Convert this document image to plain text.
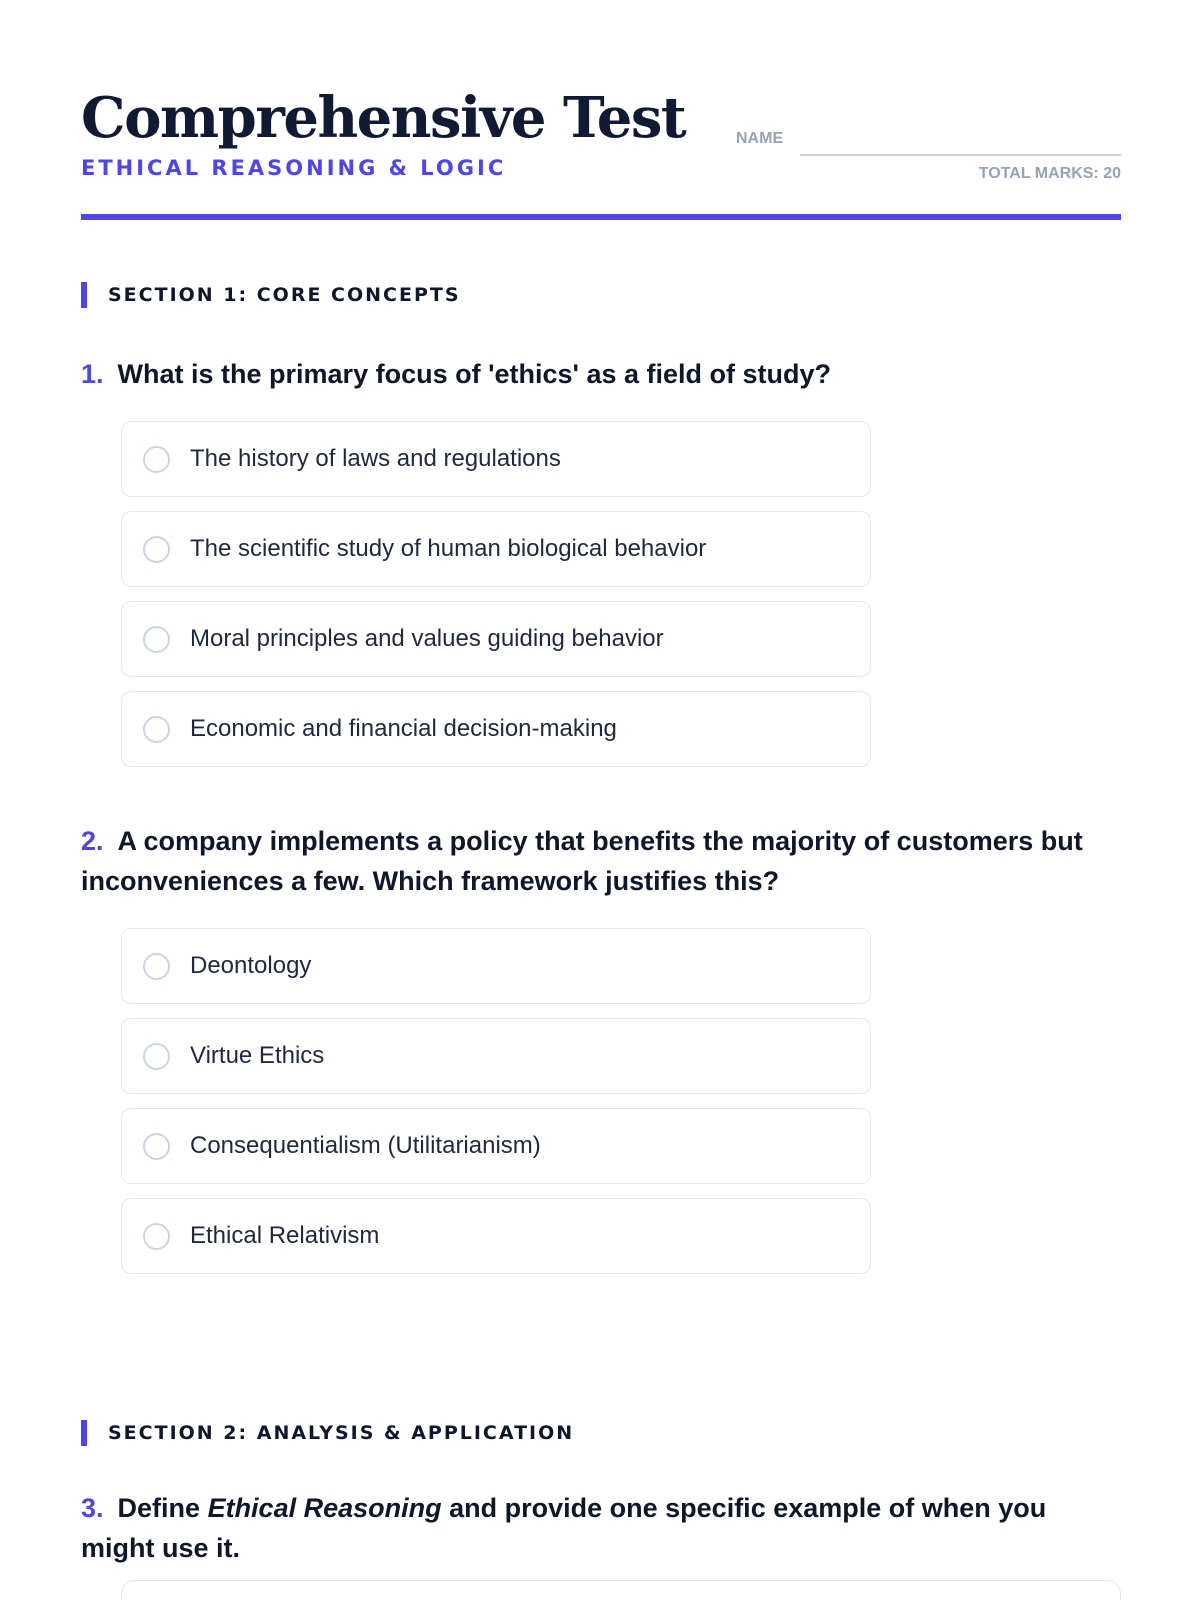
Comprehensive Test
ETHICAL REASONING & LOGIC
NAME
TOTAL MARKS: 20
SECTION 1: CORE CONCEPTS
1. What is the primary focus of 'ethics' as a field of study?
The history of laws and regulations
The scientific study of human biological behavior
Moral principles and values guiding behavior
Economic and financial decision-making
2. A company implements a policy that benefits the majority of customers but inconveniences a few. Which framework justifies this?
Deontology
Virtue Ethics
Consequentialism (Utilitarianism)
Ethical Relativism
SECTION 2: ANALYSIS & APPLICATION
3. Define Ethical Reasoning and provide one specific example of when you might use it.
